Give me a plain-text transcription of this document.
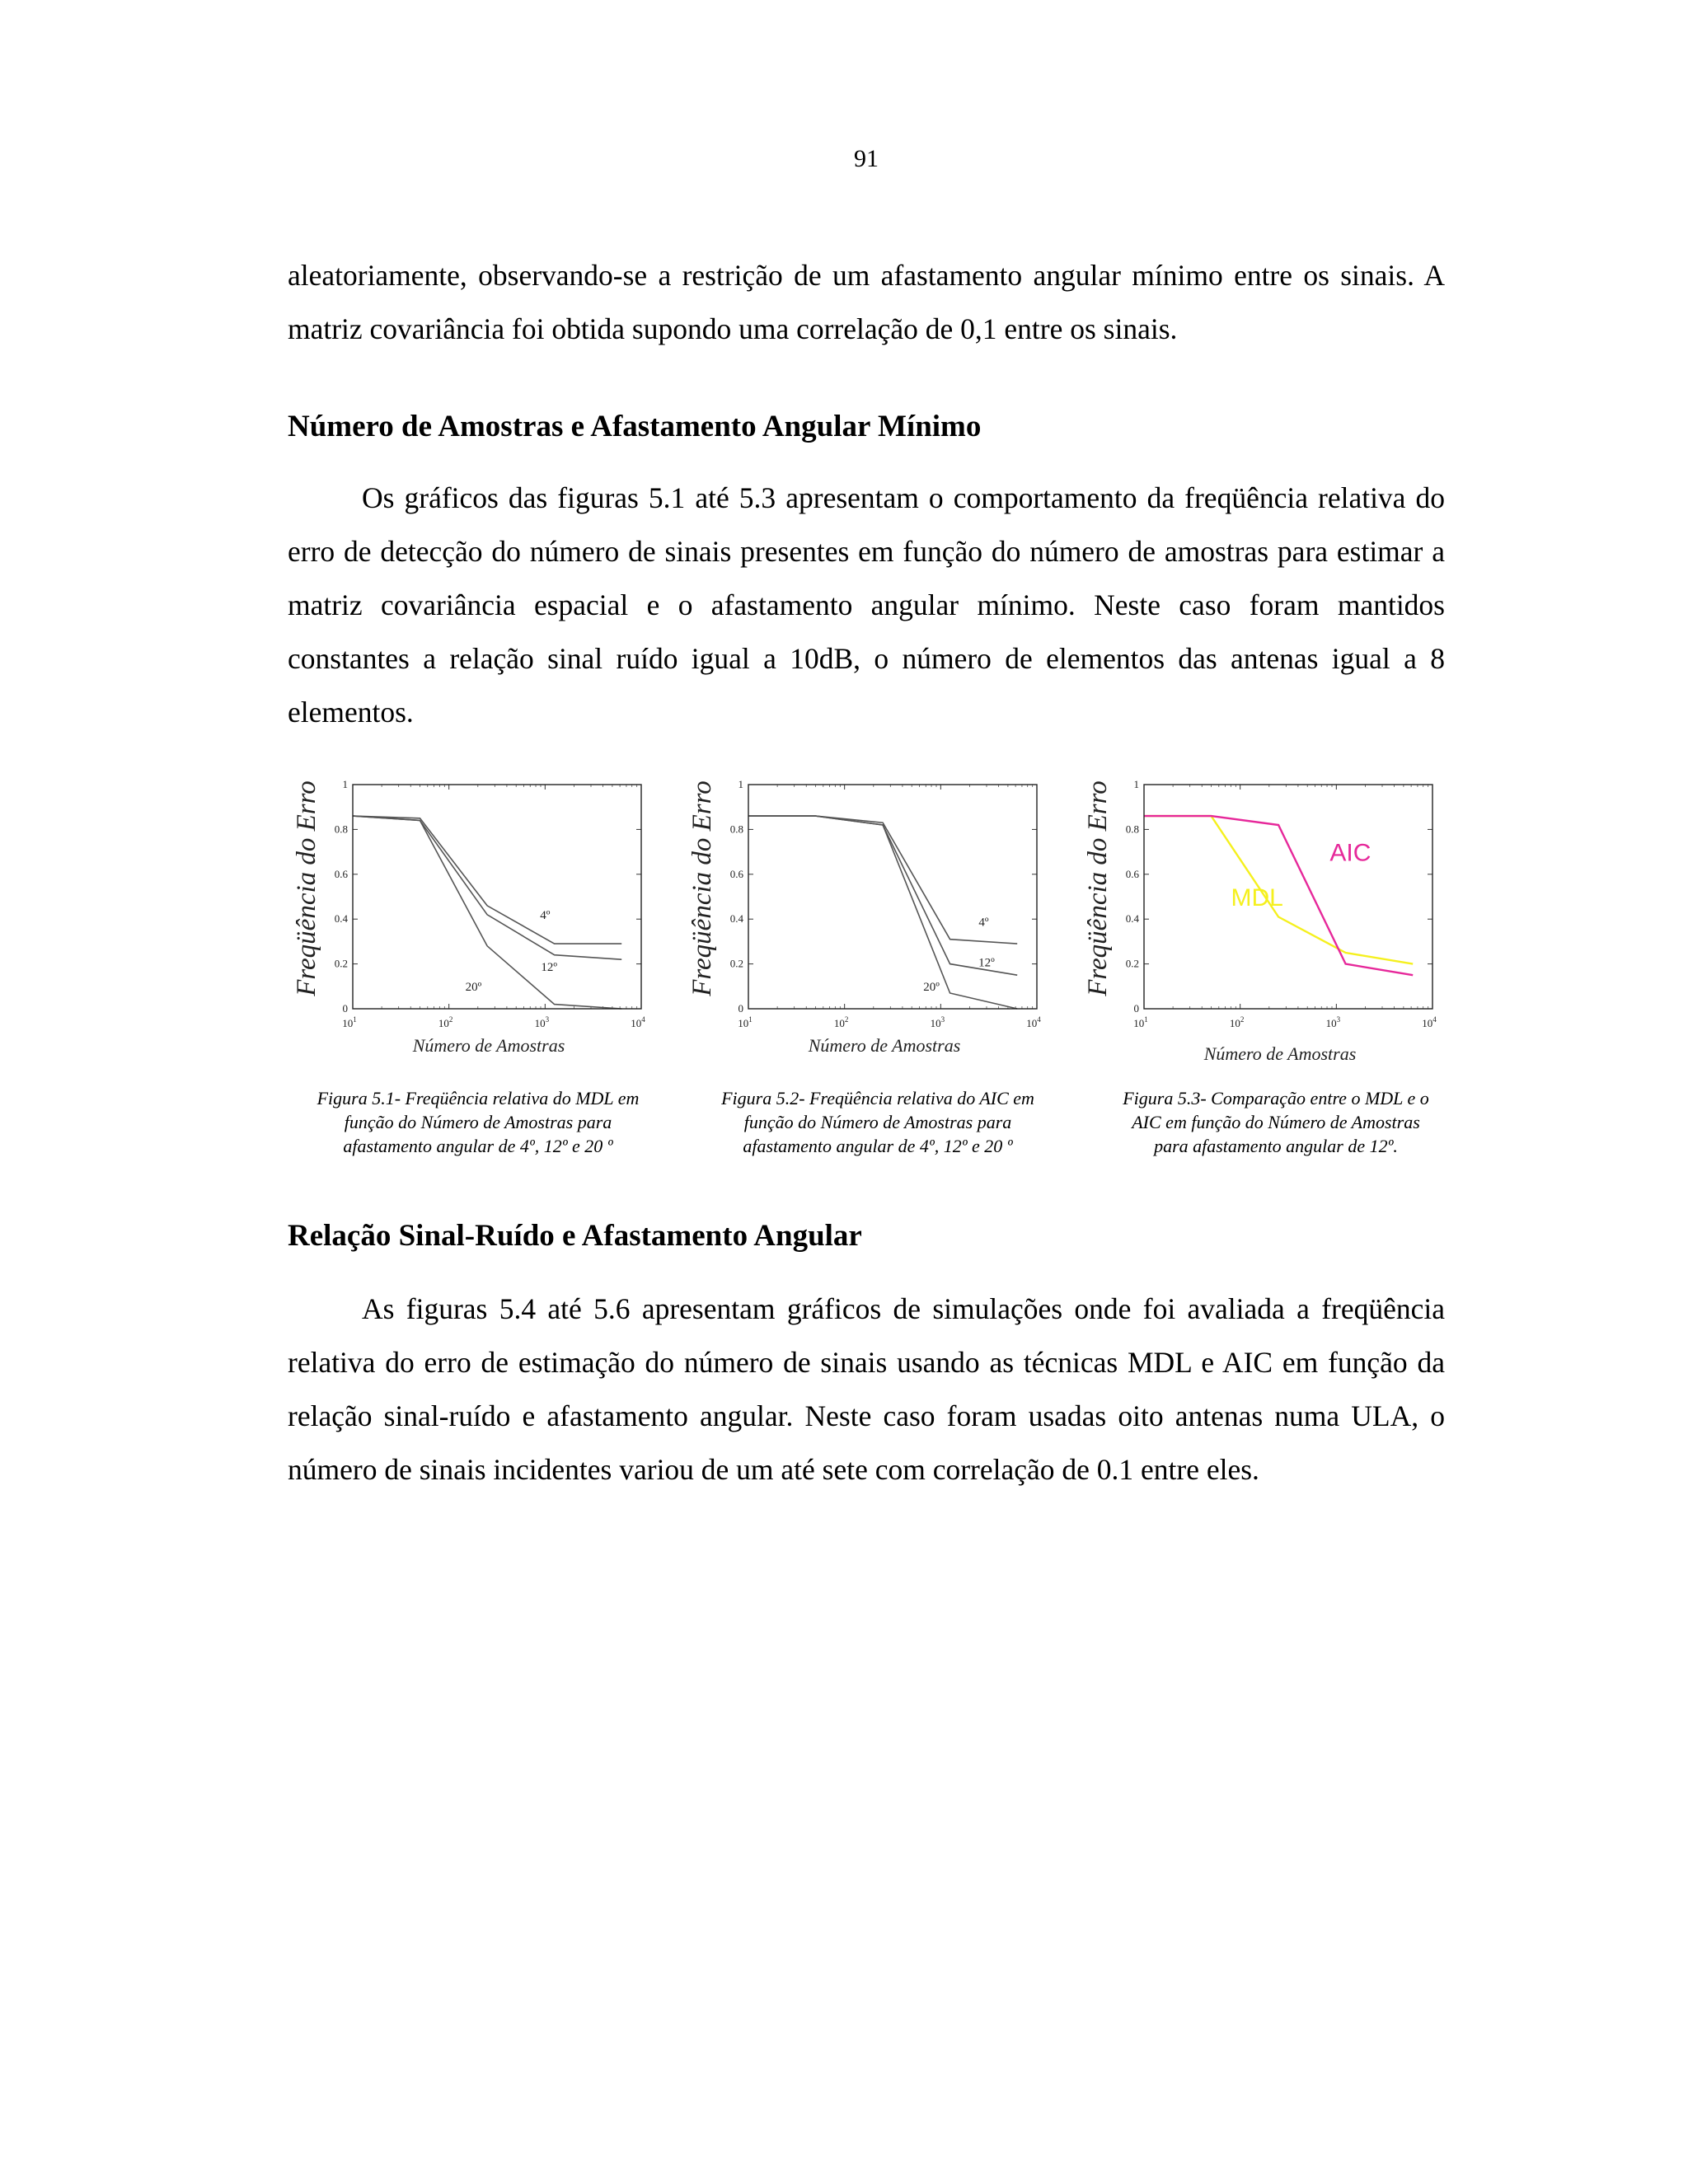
91

aleatoriamente, observando-se a restrição de um afastamento angular mínimo entre os sinais. A matriz covariância foi obtida supondo uma correlação de 0,1 entre os sinais.

Número de Amostras e Afastamento Angular Mínimo

Os gráficos das figuras 5.1 até 5.3 apresentam o comportamento da freqüência relativa do erro de detecção do número de sinais presentes em função do número de amostras para estimar a matriz covariância espacial e o afastamento angular mínimo. Neste caso foram mantidos constantes a relação sinal ruído igual a 10dB, o número de elementos das antenas igual a 8 elementos.

0
0.2
0.4
0.6
0.8
1
$10^1$	$10^2$	$10^3$	$10^4$
4º
12º
20º
Número de Amostras
Freqüência do Erro
0
0.2
0.4
0.6
0.8
1
$10^1$	$10^2$	$10^3$	$10^4$
4º
12º
20º
Número de Amostras
Freqüência do Erro
0
0.2
0.4
0.6
0.8
1
$10^1$	$10^2$	$10^3$	$10^4$
MDL
AIC
Número de Amostras
Freqüência do Erro
Figura 5.1- Freqüência relativa do MDL em
função do Número de Amostras para
afastamento angular de 4º, 12º e 20 º
Figura 5.2- Freqüência relativa do AIC em
função do Número de Amostras para
afastamento angular de 4º, 12º e 20 º
Figura 5.3- Comparação entre o MDL e o
AIC em função do Número de Amostras
para afastamento angular de 12º.
Relação Sinal-Ruído e Afastamento Angular

As figuras 5.4 até 5.6 apresentam gráficos de simulações onde foi avaliada a freqüência relativa do erro de estimação do número de sinais usando as técnicas MDL e AIC em função da relação sinal-ruído e afastamento angular. Neste caso foram usadas oito antenas numa ULA, o número de sinais incidentes variou de um até sete com correlação de 0.1 entre eles.
